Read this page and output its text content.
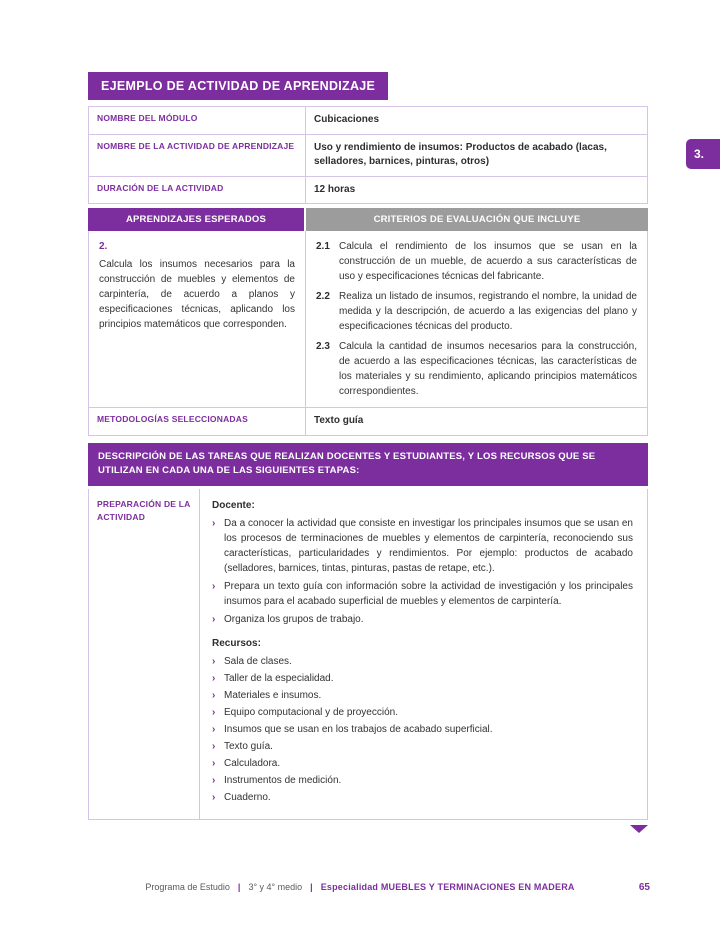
3.
EJEMPLO DE ACTIVIDAD DE APRENDIZAJE
NOMBRE DEL MÓDULO	Cubicaciones
NOMBRE DE LA ACTIVIDAD DE APRENDIZAJE	Uso y rendimiento de insumos: Productos de acabado (lacas, selladores, barnices, pinturas, otros)
DURACIÓN DE LA ACTIVIDAD	12 horas
APRENDIZAJES ESPERADOS	CRITERIOS DE EVALUACIÓN QUE INCLUYE

2.

Calcula los insumos necesarios para la construcción de muebles y elementos de carpintería, de acuerdo a planos y especificaciones técnicas, aplicando los principios matemáticos que corresponden.

2.1 Calcula el rendimiento de los insumos que se usan en la construcción de un mueble, de acuerdo a sus características de uso y especificaciones técnicas del fabricante.
2.2 Realiza un listado de insumos, registrando el nombre, la unidad de medida y la descripción, de acuerdo a las exigencias del plano y especificaciones técnicas del producto.
2.3 Calcula la cantidad de insumos necesarios para la construcción, de acuerdo a las especificaciones técnicas, las características de los materiales y su rendimiento, aplicando principios matemáticos correspondientes.
METODOLOGÍAS SELECCIONADAS	Texto guía
DESCRIPCIÓN DE LAS TAREAS QUE REALIZAN DOCENTES Y ESTUDIANTES, Y LOS RECURSOS QUE SE UTILIZAN EN CADA UNA DE LAS SIGUIENTES ETAPAS:
PREPARACIÓN DE LA ACTIVIDAD

Docente:

› Da a conocer la actividad que consiste en investigar los principales insumos que se usan en los procesos de terminaciones de muebles y elementos de carpintería, reconociendo sus características, particularidades y rendimientos. Por ejemplo: productos de acabado (selladores, barnices, tintas, pinturas, pastas de retape, etc.).
› Prepara un texto guía con información sobre la actividad de investigación y los principales insumos para el acabado superficial de muebles y elementos de carpintería.
› Organiza los grupos de trabajo.

Recursos:

› Sala de clases.
› Taller de la especialidad.
› Materiales e insumos.
› Equipo computacional y de proyección.
› Insumos que se usan en los trabajos de acabado superficial.
› Texto guía.
› Calculadora.
› Instrumentos de medición.
› Cuaderno.
Programa de Estudio | 3° y 4° medio | Especialidad MUEBLES Y TERMINACIONES EN MADERA	65
